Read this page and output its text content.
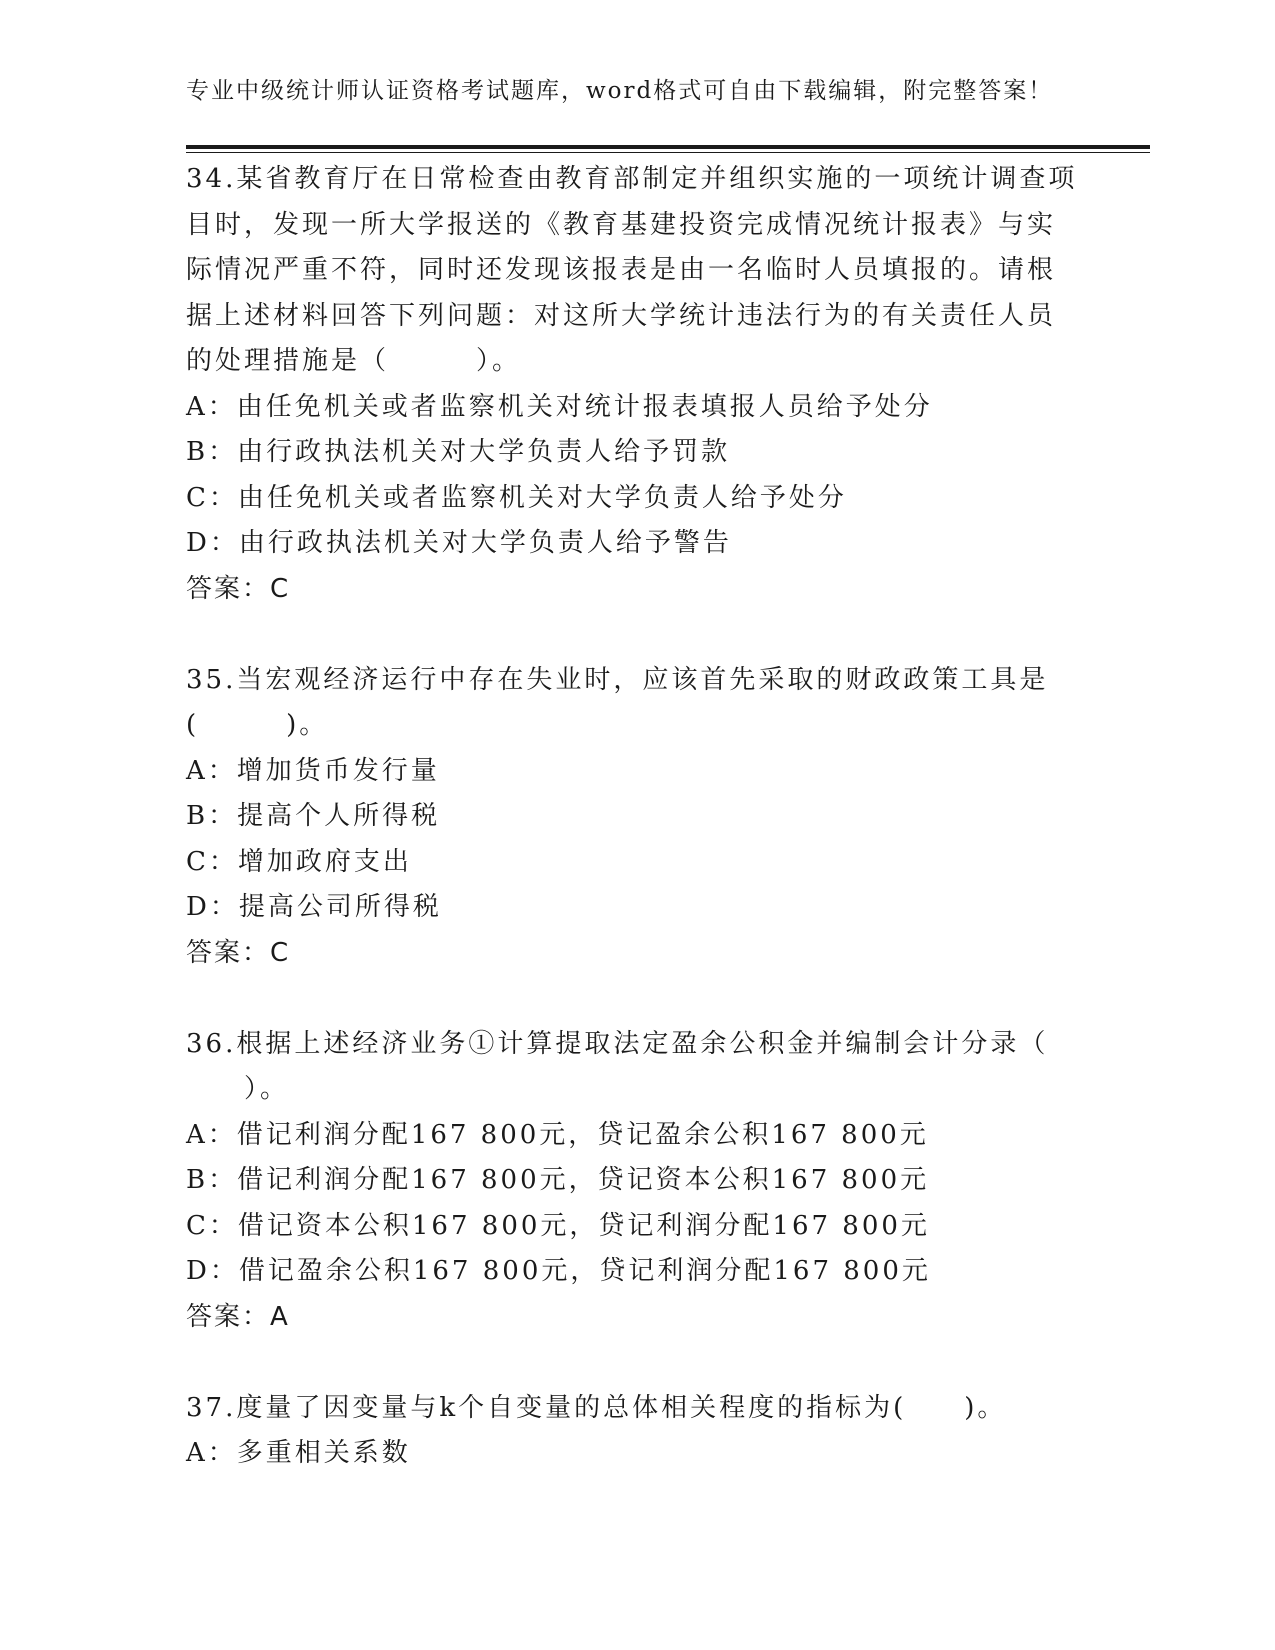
专业中级统计师认证资格考试题库，word格式可自由下载编辑，附完整答案！
34.某省教育厅在日常检查由教育部制定并组织实施的一项统计调查项
目时，发现一所大学报送的《教育基建投资完成情况统计报表》与实
际情况严重不符，同时还发现该报表是由一名临时人员填报的。请根
据上述材料回答下列问题：对这所大学统计违法行为的有关责任人员
的处理措施是（　　　）。
A：由任免机关或者监察机关对统计报表填报人员给予处分
B：由行政执法机关对大学负责人给予罚款
C：由任免机关或者监察机关对大学负责人给予处分
D：由行政执法机关对大学负责人给予警告
答案：C
35.当宏观经济运行中存在失业时，应该首先采取的财政政策工具是
(　　　)。
A：增加货币发行量
B：提高个人所得税
C：增加政府支出
D：提高公司所得税
答案：C
36.根据上述经济业务①计算提取法定盈余公积金并编制会计分录（
　　）。
A：借记利润分配167 800元，贷记盈余公积167 800元
B：借记利润分配167 800元，贷记资本公积167 800元
C：借记资本公积167 800元，贷记利润分配167 800元
D：借记盈余公积167 800元，贷记利润分配167 800元
答案：A
37.度量了因变量与k个自变量的总体相关程度的指标为(　　)。
A：多重相关系数
